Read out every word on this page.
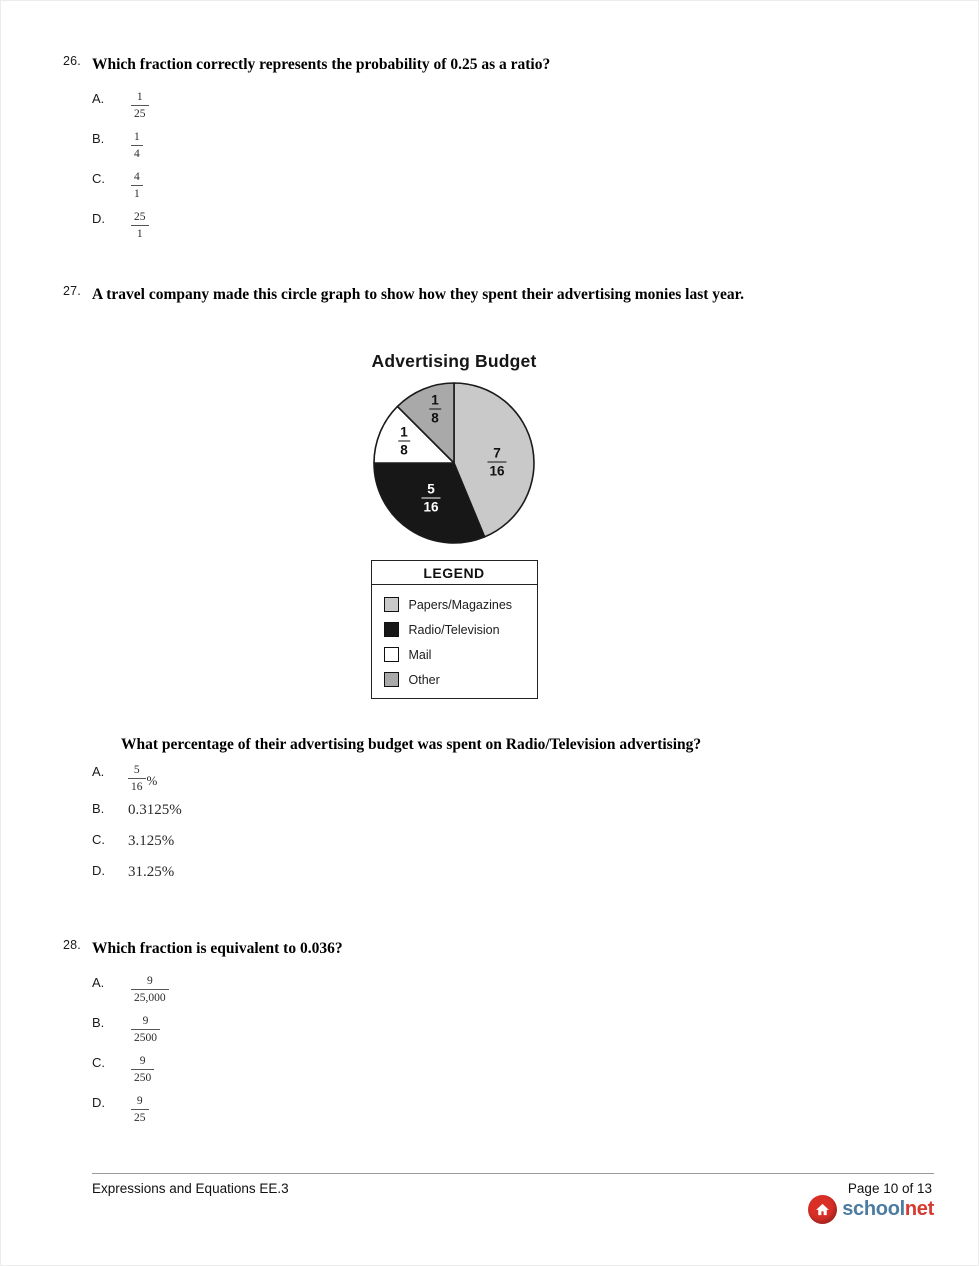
26. Which fraction correctly represents the probability of 0.25 as a ratio?
A.	$\frac{1}{25}$
B.	$\frac{1}{4}$
C.	$\frac{4}{1}$
D.	$\frac{25}{1}$
27. A travel company made this circle graph to show how they spent their advertising monies last year.
Advertising Budget
$\frac{7}{16}$
$\frac{5}{16}$
$\frac{1}{8}$
$\frac{1}{8}$
LEGEND
Papers/Magazines
Radio/Television
Mail
Other
What percentage of their advertising budget was spent on Radio/Television advertising?
A.	$\frac{5}{16}$ %
B.	0.3125%
C.	3.125%
D.	31.25%
28. Which fraction is equivalent to 0.036?
A.	$\frac{9}{25,000}$
B.	$\frac{9}{2500}$
C.	$\frac{9}{250}$
D.	$\frac{9}{25}$
Expressions and Equations EE.3	Page 10 of 13
school net
